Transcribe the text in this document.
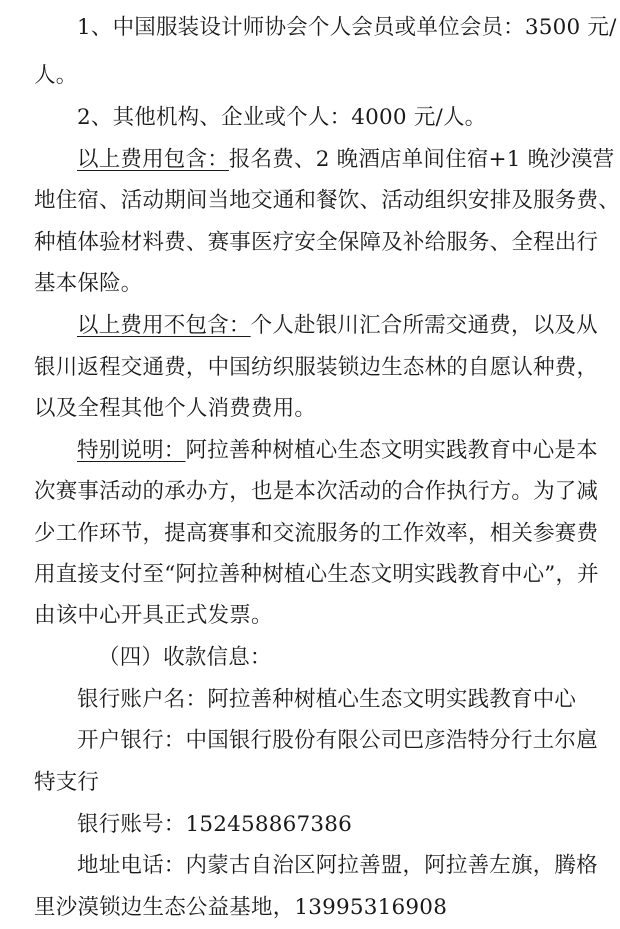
1、中国服装设计师协会个人会员或单位会员：3500 元/
人。
2、其他机构、企业或个人：4000 元/人。
以上费用包含：报名费、2 晚酒店单间住宿+1 晚沙漠营
地住宿、活动期间当地交通和餐饮、活动组织安排及服务费、
种植体验材料费、赛事医疗安全保障及补给服务、全程出行
基本保险。
以上费用不包含：个人赴银川汇合所需交通费，以及从
银川返程交通费，中国纺织服装锁边生态林的自愿认种费，
以及全程其他个人消费费用。
特别说明：阿拉善种树植心生态文明实践教育中心是本
次赛事活动的承办方，也是本次活动的合作执行方。为了减
少工作环节，提高赛事和交流服务的工作效率，相关参赛费
用直接支付至“阿拉善种树植心生态文明实践教育中心”，并
由该中心开具正式发票。
（四）收款信息：
银行账户名：阿拉善种树植心生态文明实践教育中心
开户银行：中国银行股份有限公司巴彦浩特分行土尔扈
特支行
银行账号：152458867386
地址电话：内蒙古自治区阿拉善盟，阿拉善左旗，腾格
里沙漠锁边生态公益基地，13995316908
